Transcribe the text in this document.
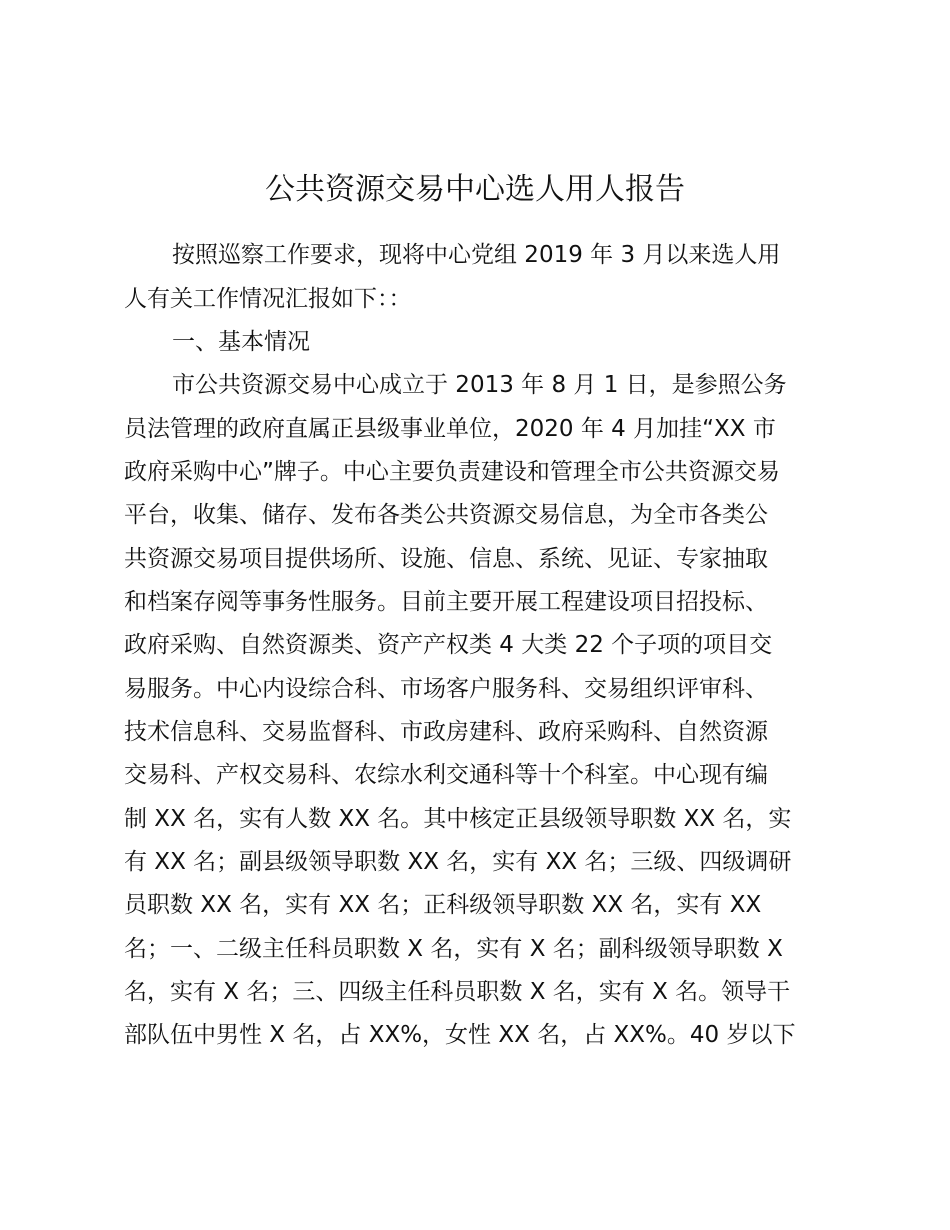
公共资源交易中心选人用人报告
按照巡察工作要求，现将中心党组 2019 年 3 月以来选人用
人有关工作情况汇报如下：：
一、基本情况
市公共资源交易中心成立于 2013 年 8 月 1 日，是参照公务
员法管理的政府直属正县级事业单位，2020 年 4 月加挂“XX 市
政府采购中心”牌子。中心主要负责建设和管理全市公共资源交易
平台，收集、储存、发布各类公共资源交易信息，为全市各类公
共资源交易项目提供场所、设施、信息、系统、见证、专家抽取
和档案存阅等事务性服务。目前主要开展工程建设项目招投标、
政府采购、自然资源类、资产产权类 4 大类 22 个子项的项目交
易服务。中心内设综合科、市场客户服务科、交易组织评审科、
技术信息科、交易监督科、市政房建科、政府采购科、自然资源
交易科、产权交易科、农综水利交通科等十个科室。中心现有编
制 XX 名，实有人数 XX 名。其中核定正县级领导职数 XX 名，实
有 XX 名；副县级领导职数 XX 名，实有 XX 名；三级、四级调研
员职数 XX 名，实有 XX 名；正科级领导职数 XX 名，实有 XX
名；一、二级主任科员职数 X 名，实有 X 名；副科级领导职数 X
名，实有 X 名；三、四级主任科员职数 X 名，实有 X 名。领导干
部队伍中男性 X 名，占 XX%，女性 XX 名，占 XX%。40 岁以下
